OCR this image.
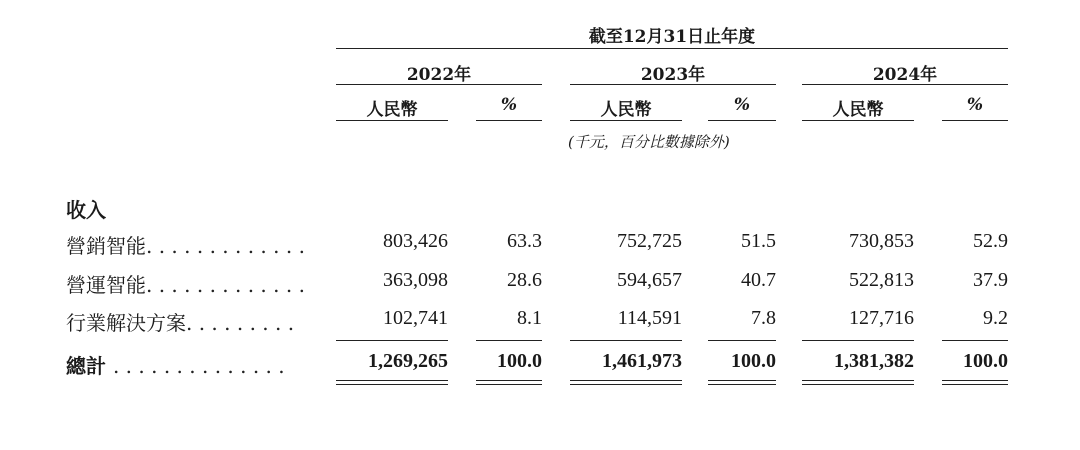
截至12月31日止年度
2022年	2023年	2024年
人民幣	%	人民幣	%	人民幣	%
(千元，百分比數據除外)
收入
營銷智能. . . . . . . . . . . . .	803,426	63.3	752,725	51.5	730,853	52.9
營運智能. . . . . . . . . . . . .	363,098	28.6	594,657	40.7	522,813	37.9
行業解決方案. . . . . . . . .	102,741	8.1	114,591	7.8	127,716	9.2
總計 . . . . . . . . . . . . . .	1,269,265	100.0	1,461,973	100.0	1,381,382	100.0
